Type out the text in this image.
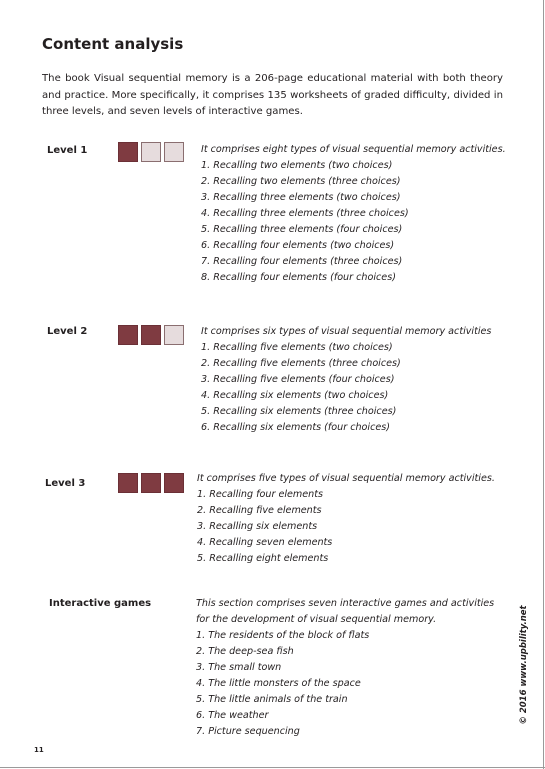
Content analysis
The book Visual sequential memory is a 206-page educational material with both theory and practice. More specifically, it comprises 135 worksheets of graded difficulty, divided in three levels, and seven levels of interactive games.
Level 1	It comprises eight types of visual sequential memory activities.
1. Recalling two elements (two choices)
2. Recalling two elements (three choices)
3. Recalling three elements (two choices)
4. Recalling three elements (three choices)
5. Recalling three elements (four choices)
6. Recalling four elements (two choices)
7. Recalling four elements (three choices)
8. Recalling four elements (four choices)
Level 2	It comprises six types of visual sequential memory activities
1. Recalling five elements (two choices)
2. Recalling five elements (three choices)
3. Recalling five elements (four choices)
4. Recalling six elements (two choices)
5. Recalling six elements (three choices)
6. Recalling six elements (four choices)
Level 3	It comprises five types of visual sequential memory activities.
1. Recalling four elements
2. Recalling five elements
3. Recalling six elements
4. Recalling seven elements
5. Recalling eight elements
Interactive games	This section comprises seven interactive games and activities for the development of visual sequential memory.
1. The residents of the block of flats
2. The deep-sea fish
3. The small town
4. The little monsters of the space
5. The little animals of the train
6. The weather
7. Picture sequencing
© 2016 www.upbility.net
11
